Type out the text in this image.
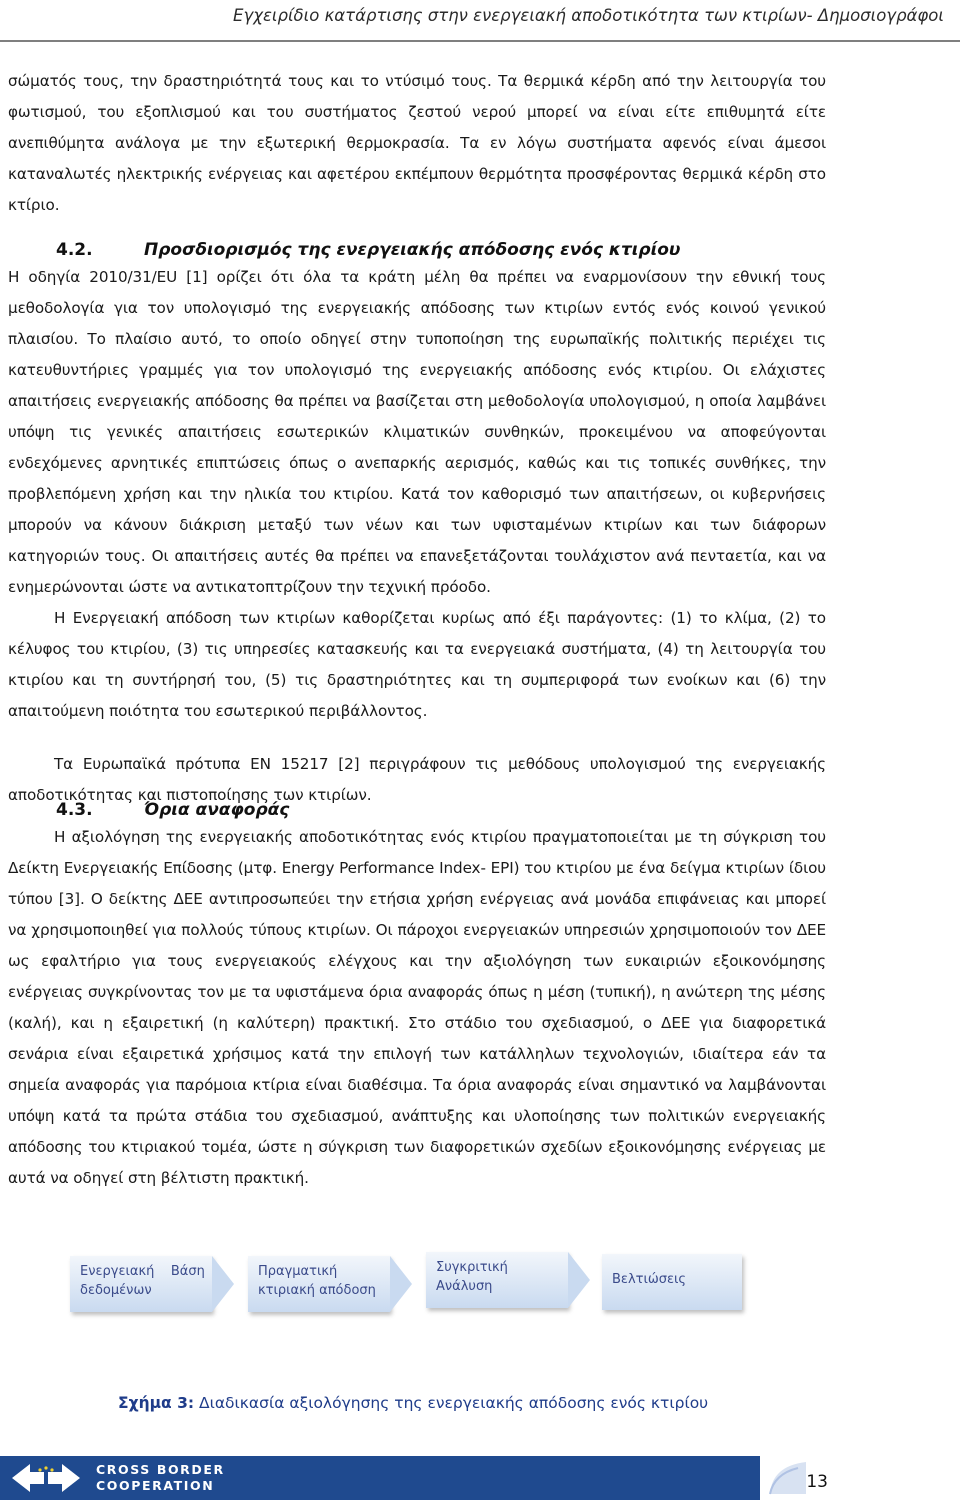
Εγχειρίδιο κατάρτισης στην ενεργειακή αποδοτικότητα των κτιρίων- Δημοσιογράφοι

σώματός τους, την δραστηριότητά τους και το ντύσιμό τους. Τα θερμικά κέρδη από την λειτουργία του φωτισμού, του εξοπλισμού και του συστήματος ζεστού νερού μπορεί να είναι είτε επιθυμητά είτε ανεπιθύμητα ανάλογα με την εξωτερική θερμοκρασία. Τα εν λόγω συστήματα αφενός είναι άμεσοι καταναλωτές ηλεκτρικής ενέργειας και αφετέρου εκπέμπουν θερμότητα προσφέροντας θερμικά κέρδη στο κτίριο.

4.2.	Προσδιορισμός της ενεργειακής απόδοσης ενός κτιρίου

Η οδηγία 2010/31/EU [1] ορίζει ότι όλα τα κράτη μέλη θα πρέπει να εναρμονίσουν την εθνική τους μεθοδολογία για τον υπολογισμό της ενεργειακής απόδοσης των κτιρίων εντός ενός κοινού γενικού πλαισίου. Το πλαίσιο αυτό, το οποίο οδηγεί στην τυποποίηση της ευρωπαϊκής πολιτικής περιέχει τις κατευθυντήριες γραμμές για τον υπολογισμό της ενεργειακής απόδοσης ενός κτιρίου. Οι ελάχιστες απαιτήσεις ενεργειακής απόδοσης θα πρέπει να βασίζεται στη μεθοδολογία υπολογισμού, η οποία λαμβάνει υπόψη τις γενικές απαιτήσεις εσωτερικών κλιματικών συνθηκών, προκειμένου να αποφεύγονται ενδεχόμενες αρνητικές επιπτώσεις όπως ο ανεπαρκής αερισμός, καθώς και τις τοπικές συνθήκες, την προβλεπόμενη χρήση και την ηλικία του κτιρίου. Κατά τον καθορισμό των απαιτήσεων, οι κυβερνήσεις μπορούν να κάνουν διάκριση μεταξύ των νέων και των υφισταμένων κτιρίων και των διάφορων κατηγοριών τους. Οι απαιτήσεις αυτές θα πρέπει να επανεξετάζονται τουλάχιστον ανά πενταετία, και να ενημερώνονται ώστε να αντικατοπτρίζουν την τεχνική πρόοδο.

Η Ενεργειακή απόδοση των κτιρίων καθορίζεται κυρίως από έξι παράγοντες: (1) το κλίμα, (2) το κέλυφος του κτιρίου, (3) τις υπηρεσίες κατασκευής και τα ενεργειακά συστήματα, (4) τη λειτουργία του κτιρίου και τη συντήρησή του, (5) τις δραστηριότητες και τη συμπεριφορά των ενοίκων και (6) την απαιτούμενη ποιότητα του εσωτερικού περιβάλλοντος.

Τα Ευρωπαϊκά πρότυπα EN 15217 [2] περιγράφουν τις μεθόδους υπολογισμού της ενεργειακής αποδοτικότητας και πιστοποίησης των κτιρίων.

4.3.	Όρια αναφοράς

Η αξιολόγηση της ενεργειακής αποδοτικότητας ενός κτιρίου πραγματοποιείται με τη σύγκριση του Δείκτη Ενεργειακής Επίδοσης (μτφ. Energy Performance Index- EPI) του κτιρίου με ένα δείγμα κτιρίων ίδιου τύπου [3]. Ο δείκτης ΔΕΕ αντιπροσωπεύει την ετήσια χρήση ενέργειας ανά μονάδα επιφάνειας και μπορεί να χρησιμοποιηθεί για πολλούς τύπους κτιρίων. Οι πάροχοι ενεργειακών υπηρεσιών χρησιμοποιούν τον ΔΕΕ ως εφαλτήριο για τους ενεργειακούς ελέγχους και την αξιολόγηση των ευκαιριών εξοικονόμησης ενέργειας συγκρίνοντας τον με τα υφιστάμενα όρια αναφοράς όπως η μέση (τυπική), η ανώτερη της μέσης (καλή), και η εξαιρετική (η καλύτερη) πρακτική. Στο στάδιο του σχεδιασμού, ο ΔΕΕ για διαφορετικά σενάρια είναι εξαιρετικά χρήσιμος κατά την επιλογή των κατάλληλων τεχνολογιών, ιδιαίτερα εάν τα σημεία αναφοράς για παρόμοια κτίρια είναι διαθέσιμα. Τα όρια αναφοράς είναι σημαντικό να λαμβάνονται υπόψη κατά τα πρώτα στάδια του σχεδιασμού, ανάπτυξης και υλοποίησης των πολιτικών ενεργειακής απόδοσης του κτιριακού τομέα, ώστε η σύγκριση των διαφορετικών σχεδίων εξοικονόμησης ενέργειας με αυτά να οδηγεί στη βέλτιστη πρακτική.

Ενεργειακή    Βάση
δεδομένων
Πραγματική
κτιριακή απόδοση
Συγκριτική
Ανάλυση	Βελτιώσεις
Σχήμα 3: Διαδικασία αξιολόγησης της ενεργειακής απόδοσης ενός κτιρίου
CROSS BORDER
COOPERATION	13
